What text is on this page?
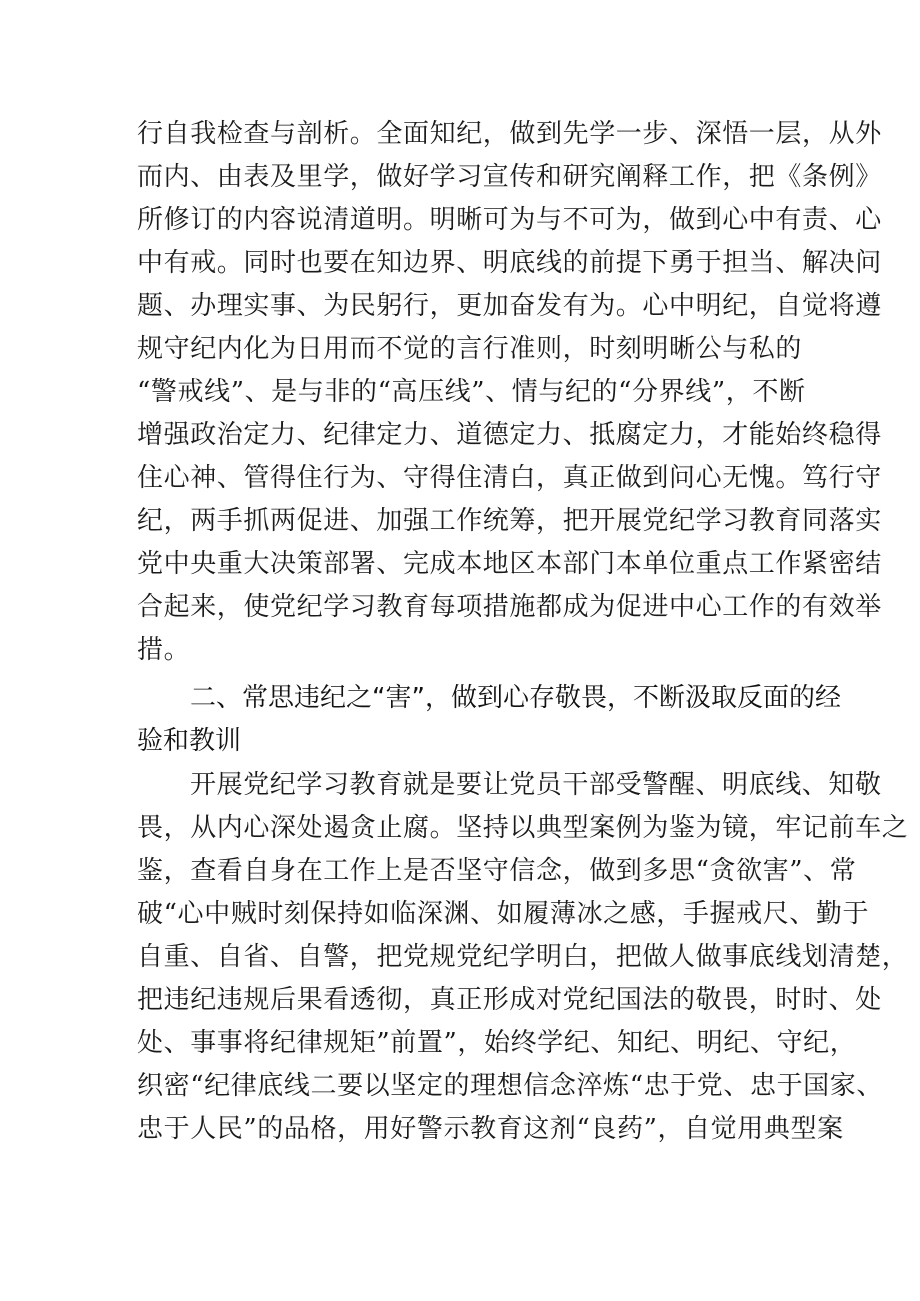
行自我检查与剖析。全面知纪，做到先学一步、深悟一层，从外
而内、由表及里学，做好学习宣传和研究阐释工作，把《条例》
所修订的内容说清道明。明晰可为与不可为，做到心中有责、心
中有戒。同时也要在知边界、明底线的前提下勇于担当、解决问
题、办理实事、为民躬行，更加奋发有为。心中明纪，自觉将遵
规守纪内化为日用而不觉的言行准则，时刻明晰公与私的
“警戒线”、是与非的“高压线”、情与纪的“分界线”，不断
增强政治定力、纪律定力、道德定力、抵腐定力，才能始终稳得
住心神、管得住行为、守得住清白，真正做到问心无愧。笃行守
纪，两手抓两促进、加强工作统筹，把开展党纪学习教育同落实
党中央重大决策部署、完成本地区本部门本单位重点工作紧密结
合起来，使党纪学习教育每项措施都成为促进中心工作的有效举
措。
二、常思违纪之“害”，做到心存敬畏，不断汲取反面的经
验和教训
开展党纪学习教育就是要让党员干部受警醒、明底线、知敬
畏，从内心深处遏贪止腐。坚持以典型案例为鉴为镜，牢记前车之
鉴，查看自身在工作上是否坚守信念，做到多思“贪欲害”、常
破“心中贼时刻保持如临深渊、如履薄冰之感，手握戒尺、勤于
自重、自省、自警，把党规党纪学明白，把做人做事底线划清楚，
把违纪违规后果看透彻，真正形成对党纪国法的敬畏，时时、处
处、事事将纪律规矩”前置”，始终学纪、知纪、明纪、守纪，
织密“纪律底线二要以坚定的理想信念淬炼“忠于党、忠于国家、
忠于人民”的品格，用好警示教育这剂“良药”，自觉用典型案
